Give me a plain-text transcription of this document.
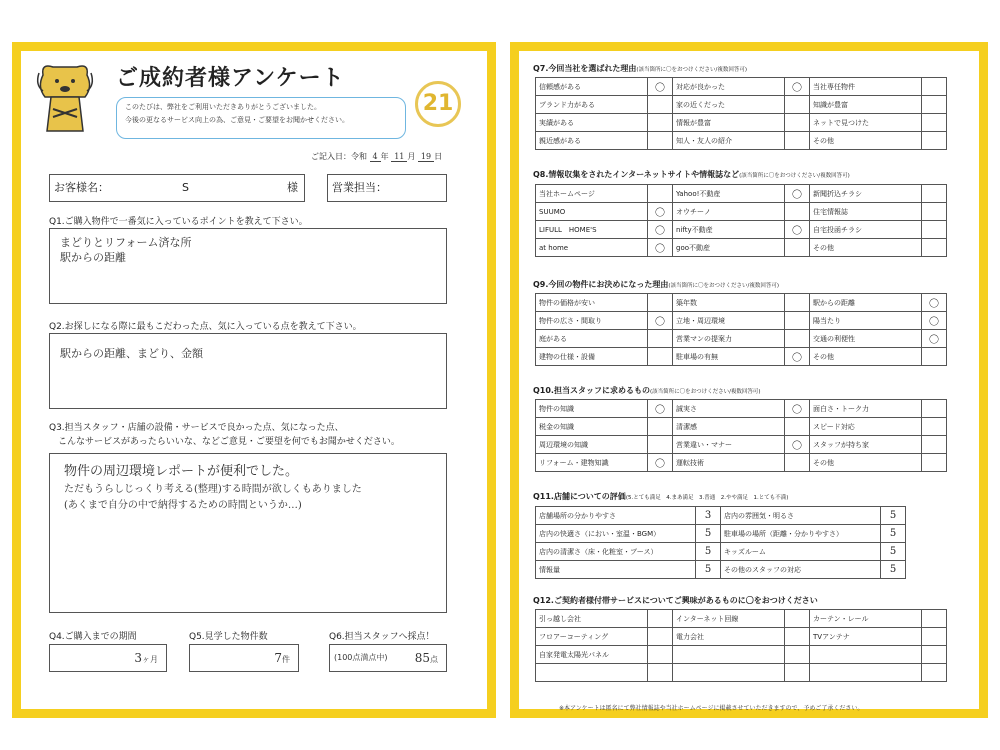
ご成約者様アンケート
このたびは、弊社をご利用いただきありがとうございました。
今後の更なるサービス向上の為、ご意見・ご要望をお聞かせください。
21
ご記入日：令和 4 年 11 月 19 日
お客様名：	S	様	営業担当：
Q1.ご購入物件で一番気に入っているポイントを教えて下さい。
まどりとリフォーム済な所
駅からの距離
Q2.お探しになる際に最もこだわった点、気に入っている点を教えて下さい。
駅からの距離、まどり、金額
Q3.担当スタッフ・店舗の設備・サービスで良かった点、気になった点、
　こんなサービスがあったらいいな、などご意見・ご要望を何でもお聞かせください。
物件の周辺環境レポートが便利でした。
ただもうらしじっくり考える(整理)する時間が欲しくもありました
(あくまで自分の中で納得するための時間というか…)
Q4.ご購入までの期間
3ヶ月
Q5.見学した物件数
7件
Q6.担当スタッフへ採点！
(100点満点中) 85点
Q7.今回当社を選ばれた理由(該当箇所に〇をおつけください/複数回答可)
信頼感がある	〇	対応が良かった	〇	当社専任物件	
ブランド力がある		家の近くだった		知識が豊富	
実績がある		情報が豊富		ネットで見つけた	
親近感がある		知人・友人の紹介		その他	
Q8.情報収集をされたインターネットサイトや情報誌など(該当箇所に〇をおつけください/複数回答可)
当社ホームページ		Yahoo!不動産	〇	新聞折込チラシ	
SUUMO	〇	オウチーノ		住宅情報誌	
LIFULL　HOME'S	〇	nifty不動産	〇	自宅投函チラシ	
at home	〇	goo不動産		その他	
Q9.今回の物件にお決めになった理由(該当箇所に〇をおつけください/複数回答可)
物件の価格が安い		築年数		駅からの距離	〇
物件の広さ・間取り	〇	立地・周辺環境		陽当たり	〇
庭がある		営業マンの提案力		交通の利便性	〇
建物の仕様・設備		駐車場の有無	〇	その他	
Q10.担当スタッフに求めるもの(該当箇所に〇をおつけください/複数回答可)
物件の知識	〇	誠実さ	〇	面白さ・トーク力	
税金の知識		清潔感		スピード対応	
周辺環境の知識		営業違い・マナー	〇	スタッフが持ち家	
リフォーム・建物知識	〇	運転技術		その他	
Q11.店舗についての評価(5.とても満足　4.まあ満足　3.普通　2.やや満足　1.とても不満)
店舗場所の分かりやすさ	3	店内の雰囲気・明るさ	5
店内の快適さ（におい・室温・BGM）	5	駐車場の場所（距離・分かりやすさ）	5
店内の清潔さ（床・化粧室・ブース）	5	キッズルーム	5
情報量	5	その他のスタッフの対応	5
Q12.ご契約者様付帯サービスについてご興味があるものに〇をおつけください
引っ越し会社		インターネット回線		カーテン・レール	
フロアーコーティング		電力会社		TVアンテナ	
自家発電太陽光パネル					

※本アンケートは匿名にて弊社情報誌や当社ホームページに掲載させていただきますので、予めご了承ください。
